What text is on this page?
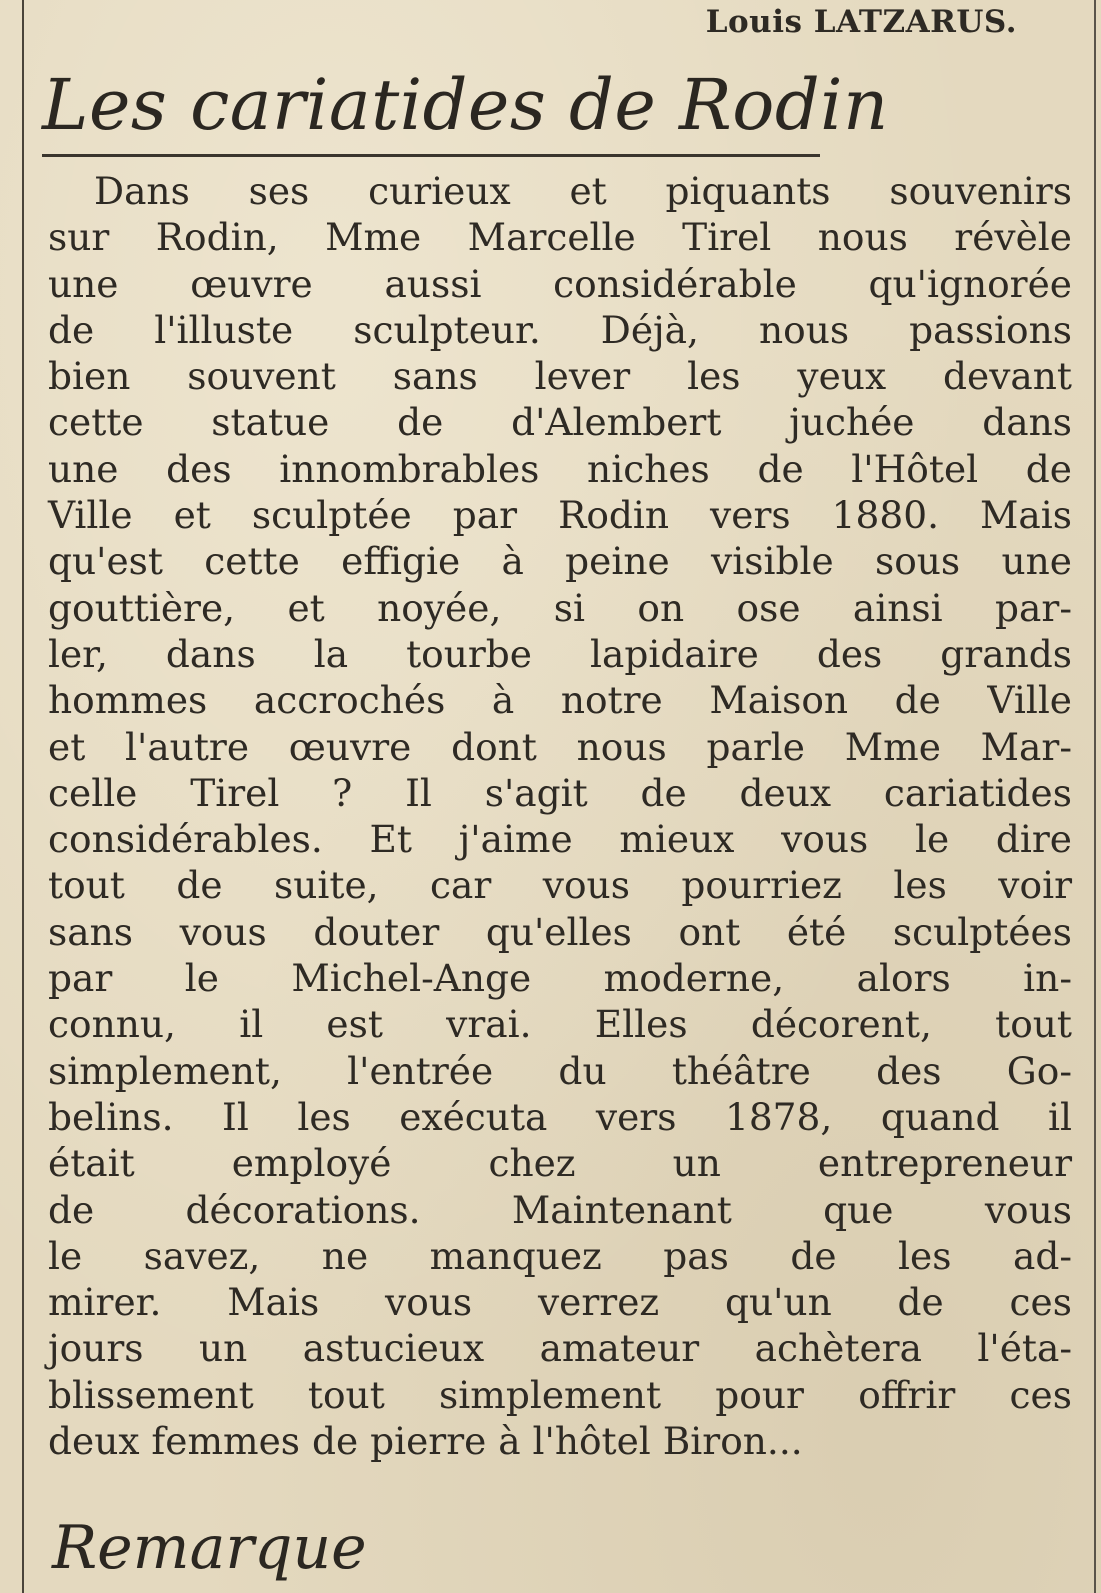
Louis LATZARUS.
Les cariatides de Rodin
Dans ses curieux et piquants souvenirs
sur Rodin, Mme Marcelle Tirel nous révèle
une œuvre aussi considérable qu'ignorée
de l'illuste sculpteur. Déjà, nous passions
bien souvent sans lever les yeux devant
cette statue de d'Alembert juchée dans
une des innombrables niches de l'Hôtel de
Ville et sculptée par Rodin vers 1880. Mais
qu'est cette effigie à peine visible sous une
gouttière, et noyée, si on ose ainsi par-
ler, dans la tourbe lapidaire des grands
hommes accrochés à notre Maison de Ville
et l'autre œuvre dont nous parle Mme Mar-
celle Tirel ? Il s'agit de deux cariatides
considérables. Et j'aime mieux vous le dire
tout de suite, car vous pourriez les voir
sans vous douter qu'elles ont été sculptées
par le Michel-Ange moderne, alors in-
connu, il est vrai. Elles décorent, tout
simplement, l'entrée du théâtre des Go-
belins. Il les exécuta vers 1878, quand il
était employé chez un entrepreneur
de décorations. Maintenant que vous
le savez, ne manquez pas de les ad-
mirer. Mais vous verrez qu'un de ces
jours un astucieux amateur achètera l'éta-
blissement tout simplement pour offrir ces
deux femmes de pierre à l'hôtel Biron...
Remarque
